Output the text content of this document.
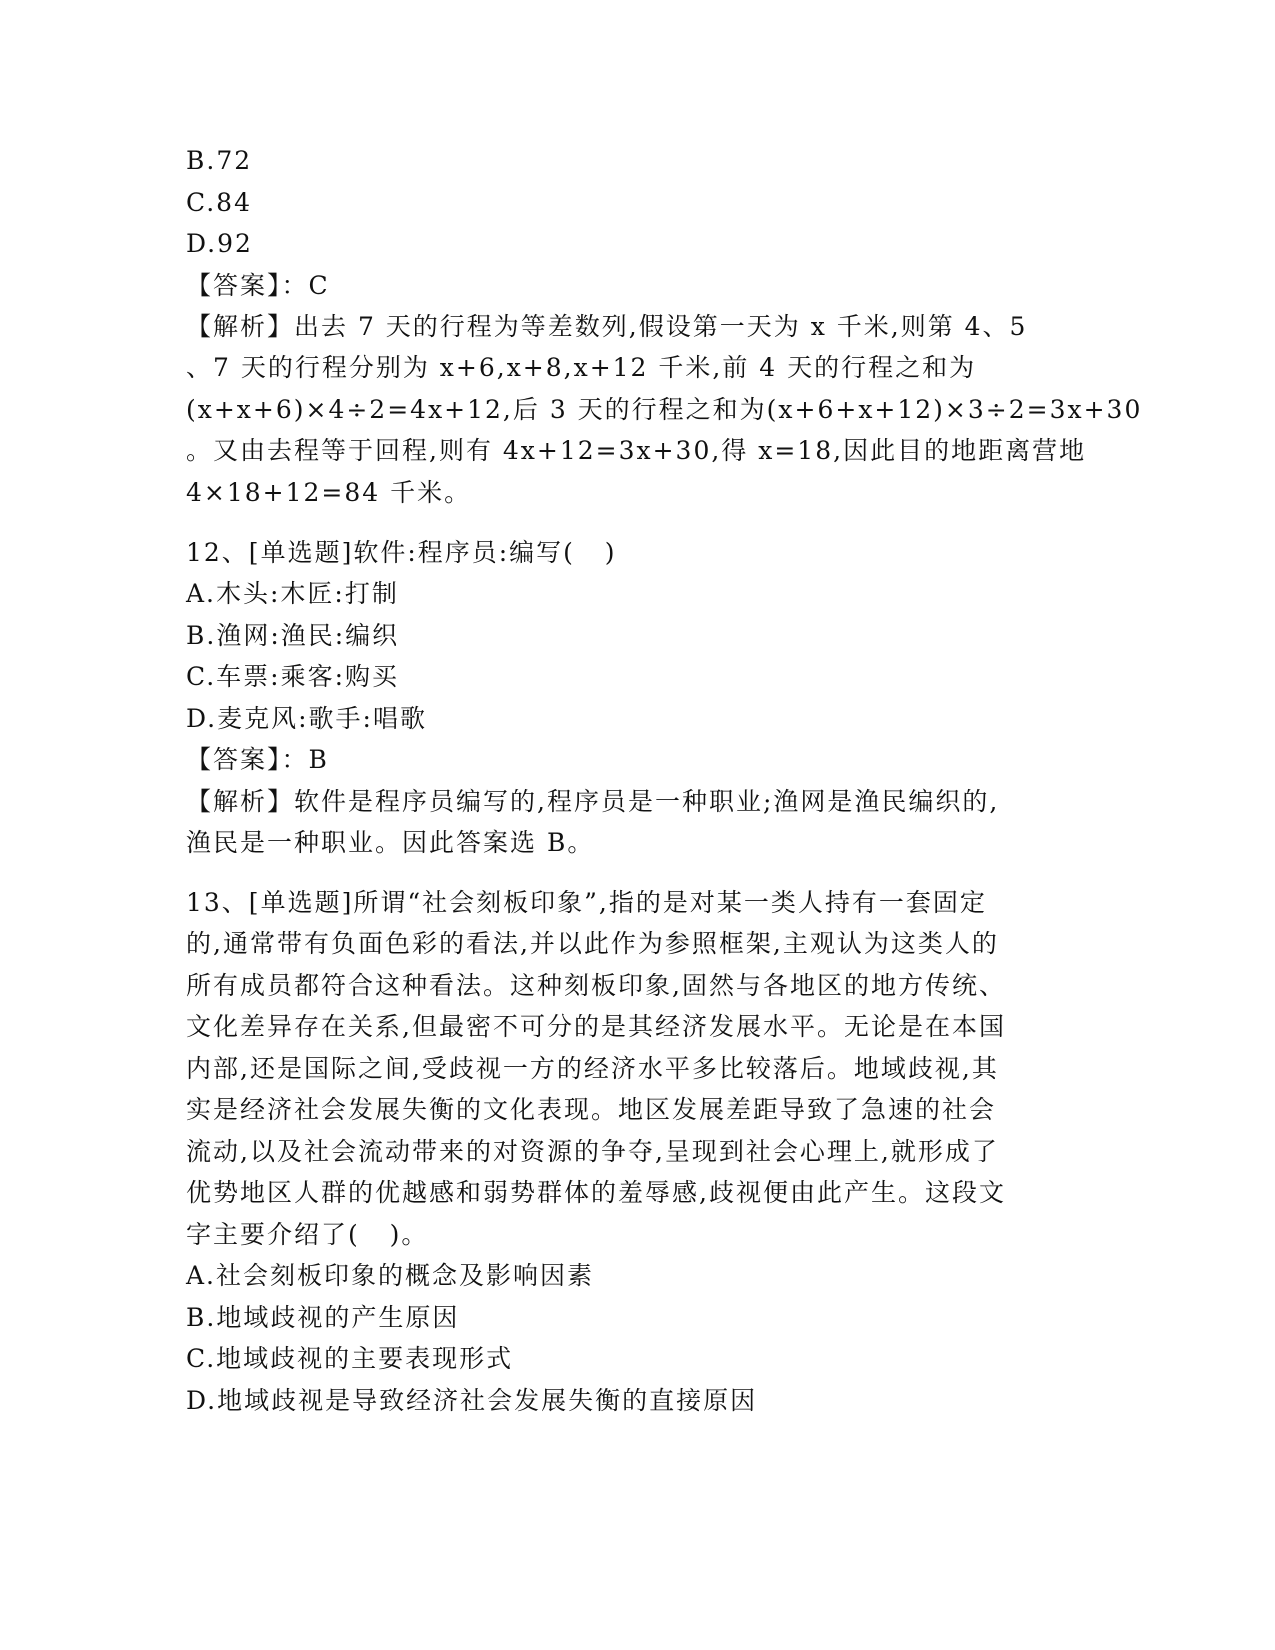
B.72
C.84
D.92
【答案】：C
【解析】出去 7 天的行程为等差数列,假设第一天为 x 千米,则第 4、5
、7 天的行程分别为 x+6,x+8,x+12 千米,前 4 天的行程之和为
(x+x+6)×4÷2=4x+12,后 3 天的行程之和为(x+6+x+12)×3÷2=3x+30
。又由去程等于回程,则有 4x+12=3x+30,得 x=18,因此目的地距离营地
4×18+12=84 千米。
12、[单选题]软件:程序员:编写(   )
A.木头:木匠:打制
B.渔网:渔民:编织
C.车票:乘客:购买
D.麦克风:歌手:唱歌
【答案】：B
【解析】软件是程序员编写的,程序员是一种职业;渔网是渔民编织的,
渔民是一种职业。因此答案选 B。
13、[单选题]所谓“社会刻板印象”,指的是对某一类人持有一套固定
的,通常带有负面色彩的看法,并以此作为参照框架,主观认为这类人的
所有成员都符合这种看法。这种刻板印象,固然与各地区的地方传统、
文化差异存在关系,但最密不可分的是其经济发展水平。无论是在本国
内部,还是国际之间,受歧视一方的经济水平多比较落后。地域歧视,其
实是经济社会发展失衡的文化表现。地区发展差距导致了急速的社会
流动,以及社会流动带来的对资源的争夺,呈现到社会心理上,就形成了
优势地区人群的优越感和弱势群体的羞辱感,歧视便由此产生。这段文
字主要介绍了(   )。
A.社会刻板印象的概念及影响因素
B.地域歧视的产生原因
C.地域歧视的主要表现形式
D.地域歧视是导致经济社会发展失衡的直接原因
